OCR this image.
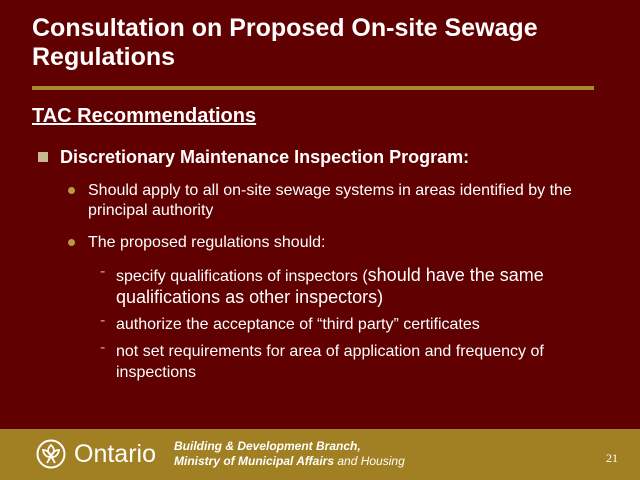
Consultation on Proposed On-site Sewage Regulations
TAC Recommendations
Discretionary Maintenance Inspection Program:
Should apply to all on-site sewage systems in areas identified by the principal authority
The proposed regulations should:
- specify qualifications of inspectors (should have the same qualifications as other inspectors)
- authorize the acceptance of “third party” certificates
- not set requirements for area of application and frequency of inspections
Ontario Building & Development Branch,
Ministry of Municipal Affairs and Housing	21
